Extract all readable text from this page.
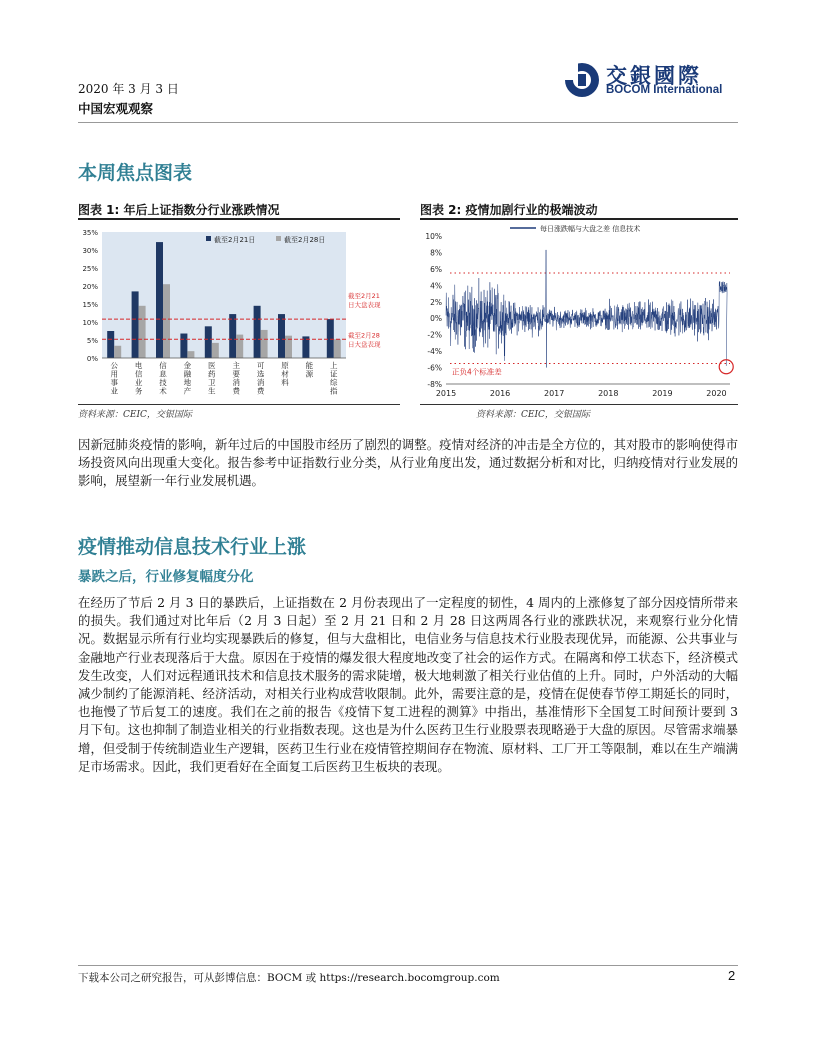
2020 年 3 月 3 日
中国宏观观察
交銀國際
BOCOM International
本周焦点图表
图表 1: 年后上证指数分行业涨跌情况
0%
5%
10%
15%
20%
25%
30%
35%
公
用
事
业
电
信
业
务
信
息
技
术
金
融
地
产
医
药
卫
生
主
要
消
费
可
选
消
费
原
材
料
能
源
上
证
综
指
截至2月21
日大盘表现
截至2月28
日大盘表现
截至2月21日	截至2月28日
资料来源：CEIC，交银国际
图表 2: 疫情加剧行业的极端波动
-8%
-6%
-4%
-2%
0%
2%
4%
6%
8%
10%
2015	2016	2017	2018	2019	2020
正负4个标准差
每日涨跌幅与大盘之差 信息技术
资料来源：CEIC，交银国际
因新冠肺炎疫情的影响，新年过后的中国股市经历了剧烈的调整。疫情对经济的冲击是全方位的，其对股市的影响使得市场投资风向出现重大变化。报告参考中证指数行业分类，从行业角度出发，通过数据分析和对比，归纳疫情对行业发展的影响，展望新一年行业发展机遇。
疫情推动信息技术行业上涨
暴跌之后，行业修复幅度分化
在经历了节后 2 月 3 日的暴跌后，上证指数在 2 月份表现出了一定程度的韧性，4 周内的上涨修复了部分因疫情所带来的损失。我们通过对比年后（2 月 3 日起）至 2 月 21 日和 2 月 28 日这两周各行业的涨跌状况，来观察行业分化情况。数据显示所有行业均实现暴跌后的修复，但与大盘相比，电信业务与信息技术行业股表现优异，而能源、公共事业与金融地产行业表现落后于大盘。原因在于疫情的爆发很大程度地改变了社会的运作方式。在隔离和停工状态下，经济模式发生改变，人们对远程通讯技术和信息技术服务的需求陡增，极大地刺激了相关行业估值的上升。同时，户外活动的大幅减少制约了能源消耗、经济活动，对相关行业构成营收限制。此外，需要注意的是，疫情在促使春节停工期延长的同时，也拖慢了节后复工的速度。我们在之前的报告《疫情下复工进程的测算》中指出，基准情形下全国复工时间预计要到 3 月下旬。这也抑制了制造业相关的行业指数表现。这也是为什么医药卫生行业股票表现略逊于大盘的原因。尽管需求端暴增，但受制于传统制造业生产逻辑，医药卫生行业在疫情管控期间存在物流、原材料、工厂开工等限制，难以在生产端满足市场需求。因此，我们更看好在全面复工后医药卫生板块的表现。
下载本公司之研究报告，可从彭博信息：BOCM 或 https://research.bocomgroup.com	2
